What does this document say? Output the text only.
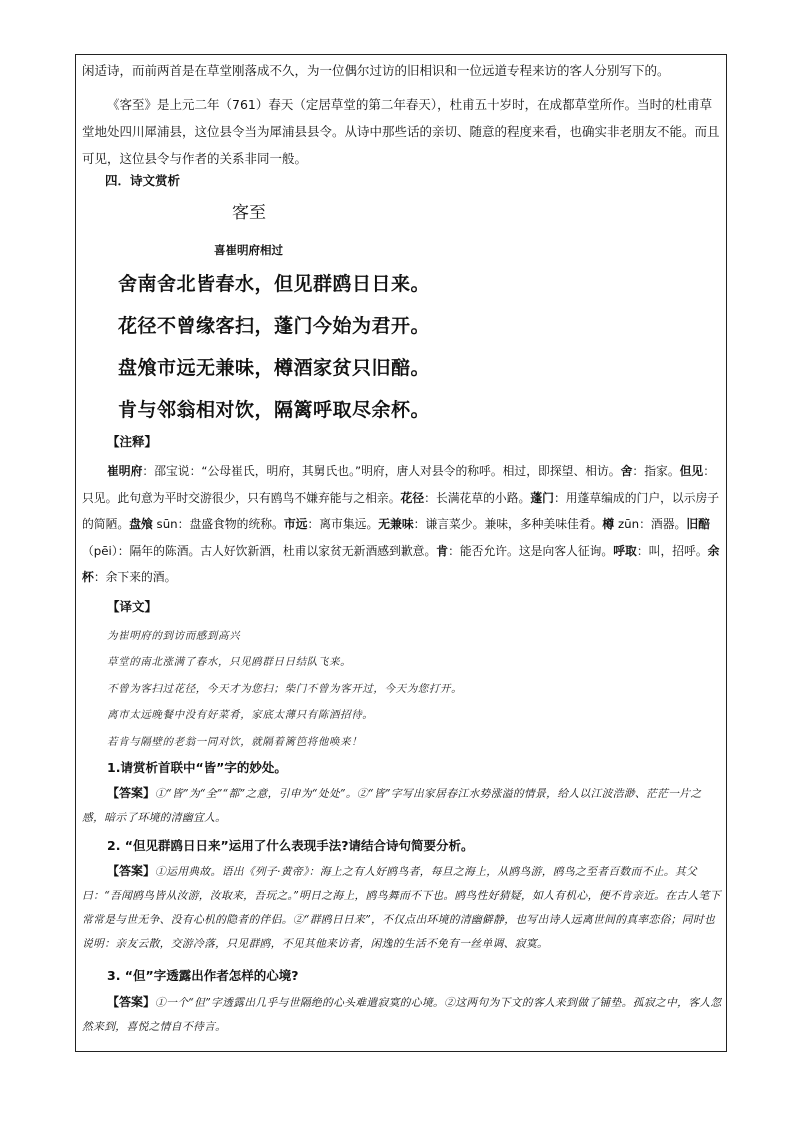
闲适诗，而前两首是在草堂刚落成不久，为一位偶尔过访的旧相识和一位远道专程来访的客人分别写下的。

《客至》是上元二年（761）春天（定居草堂的第二年春天），杜甫五十岁时，在成都草堂所作。当时的杜甫草堂地处四川犀浦县，这位县令当为犀浦县县令。从诗中那些话的亲切、随意的程度来看，也确实非老朋友不能。而且可见，这位县令与作者的关系非同一般。

四．诗文赏析

客至

喜崔明府相过

舍南舍北皆春水，但见群鸥日日来。

花径不曾缘客扫，蓬门今始为君开。

盘飧市远无兼味，樽酒家贫只旧醅。

肯与邻翁相对饮，隔篱呼取尽余杯。

【注释】

崔明府：邵宝说：“公母崔氏，明府，其舅氏也。”明府，唐人对县令的称呼。相过，即探望、相访。舍：指家。但见：只见。此句意为平时交游很少，只有鸥鸟不嫌弃能与之相亲。花径：长满花草的小路。蓬门：用蓬草编成的门户，以示房子的简陋。盘飧 sūn：盘盛食物的统称。市远：离市集远。无兼味：谦言菜少。兼味，多种美味佳肴。樽 zūn：酒器。旧醅（pēi）：隔年的陈酒。古人好饮新酒，杜甫以家贫无新酒感到歉意。肯：能否允许。这是向客人征询。呼取：叫，招呼。余杯：余下来的酒。

【译文】

为崔明府的到访而感到高兴

草堂的南北涨满了春水，只见鸥群日日结队飞来。

不曾为客扫过花径，今天才为您扫；柴门不曾为客开过，今天为您打开。

离市太远晚餐中没有好菜肴，家底太薄只有陈酒招待。

若肯与隔壁的老翁一同对饮，就隔着篱笆将他唤来！

1.请赏析首联中“皆”字的妙处。

【答案】①“皆”为“全”“都”之意，引申为“处处”。②“皆”字写出家居春江水势涨溢的情景，给人以江波浩渺、茫茫一片之感，暗示了环境的清幽宜人。

2. “但见群鸥日日来”运用了什么表现手法?请结合诗句简要分析。

【答案】①运用典故。语出《列子·黄帝》：海上之有人好鸥鸟者，每旦之海上，从鸥鸟游，鸥鸟之至者百数而不止。其父曰：“吾闻鸥鸟皆从汝游，汝取来，吾玩之。”明日之海上，鸥鸟舞而不下也。鸥鸟性好猜疑，如人有机心，便不肯亲近。在古人笔下常常是与世无争、没有心机的隐者的伴侣。②“群鸥日日来”，不仅点出环境的清幽僻静，也写出诗人远离世间的真率恋俗；同时也说明：亲友云散，交游冷落，只见群鸥，不见其他来访者，闲逸的生活不免有一丝单调、寂寞。

3. “但”字透露出作者怎样的心境?

【答案】①一个“但”字透露出几乎与世隔绝的心头难遣寂寞的心境。②这两句为下文的客人来到做了铺垫。孤寂之中，客人忽然来到，喜悦之情自不待言。
